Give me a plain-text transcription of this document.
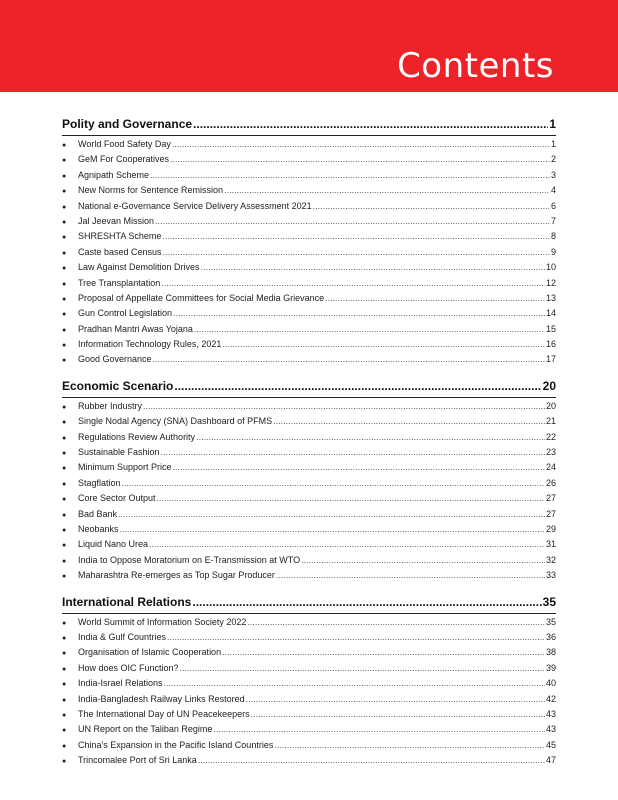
Contents
Polity and Governance .....	1
●	World Food Safety Day .....	1
●	GeM For Cooperatives .....	2
●	Agnipath Scheme .....	3
●	New Norms for Sentence Remission .....	4
●	National e-Governance Service Delivery Assessment 2021 .....	6
●	Jal Jeevan Mission .....	7
●	SHRESHTA Scheme .....	8
●	Caste based Census .....	9
●	Law Against Demolition Drives .....	10
●	Tree Transplantation .....	12
●	Proposal of Appellate Committees for Social Media Grievance .....	13
●	Gun Control Legislation .....	14
●	Pradhan Mantri Awas Yojana .....	15
●	Information Technology Rules, 2021 .....	16
●	Good Governance .....	17
Economic Scenario .....	20
●	Rubber Industry .....	20
●	Single Nodal Agency (SNA) Dashboard of PFMS .....	21
●	Regulations Review Authority .....	22
●	Sustainable Fashion .....	23
●	Minimum Support Price .....	24
●	Stagflation .....	26
●	Core Sector Output .....	27
●	Bad Bank .....	27
●	Neobanks .....	29
●	Liquid Nano Urea .....	31
●	India to Oppose Moratorium on E-Transmission at WTO .....	32
●	Maharashtra Re-emerges as Top Sugar Producer .....	33
International Relations .....	35
●	World Summit of Information Society 2022 .....	35
●	India & Gulf Countries .....	36
●	Organisation of Islamic Cooperation .....	38
●	How does OIC Function? .....	39
●	India-Israel Relations .....	40
●	India-Bangladesh Railway Links Restored .....	42
●	The International Day of UN Peacekeepers .....	43
●	UN Report on the Taliban Regime .....	43
●	China's Expansion in the Pacific Island Countries .....	45
●	Trincomalee Port of Sri Lanka .....	47
